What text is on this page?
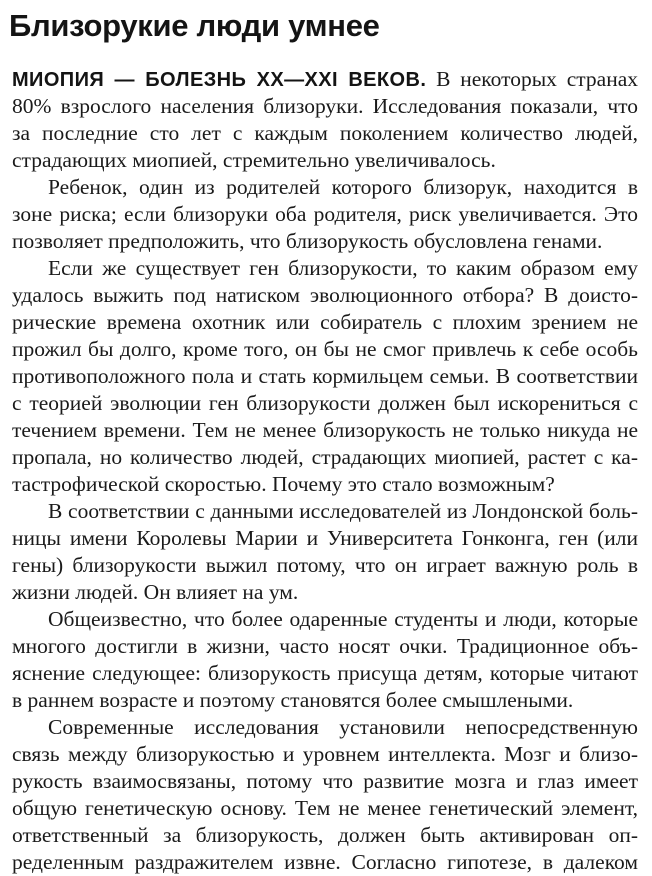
Близорукие люди умнее

МИОПИЯ — БОЛЕЗНЬ XX—XXI ВЕКОВ. В некоторых странах

80% взрослого населения близоруки. Исследования показали, что

за последние сто лет с каждым поколением количество людей,

страдающих миопией, стремительно увеличивалось.

Ребенок, один из родителей которого близорук, находится в

зоне риска; если близоруки оба родителя, риск увеличивается. Это

позволяет предположить, что близорукость обусловлена генами.

Если же существует ген близорукости, то каким образом ему

удалось выжить под натиском эволюционного отбора? В доисто-

рические времена охотник или собиратель с плохим зрением не

прожил бы долго, кроме того, он бы не смог привлечь к себе особь

противоположного пола и стать кормильцем семьи. В соответствии

с теорией эволюции ген близорукости должен был искорениться с

течением времени. Тем не менее близорукость не только никуда не

пропала, но количество людей, страдающих миопией, растет с ка-

тастрофической скоростью. Почему это стало возможным?

В соответствии с данными исследователей из Лондонской боль-

ницы имени Королевы Марии и Университета Гонконга, ген (или

гены) близорукости выжил потому, что он играет важную роль в

жизни людей. Он влияет на ум.

Общеизвестно, что более одаренные студенты и люди, которые

многого достигли в жизни, часто носят очки. Традиционное объ-

яснение следующее: близорукость присуща детям, которые читают

в раннем возрасте и поэтому становятся более смышлеными.

Современные исследования установили непосредственную

связь между близорукостью и уровнем интеллекта. Мозг и близо-

рукость взаимосвязаны, потому что развитие мозга и глаз имеет

общую генетическую основу. Тем не менее генетический элемент,

ответственный за близорукость, должен быть активирован оп-

ределенным раздражителем извне. Согласно гипотезе, в далеком
